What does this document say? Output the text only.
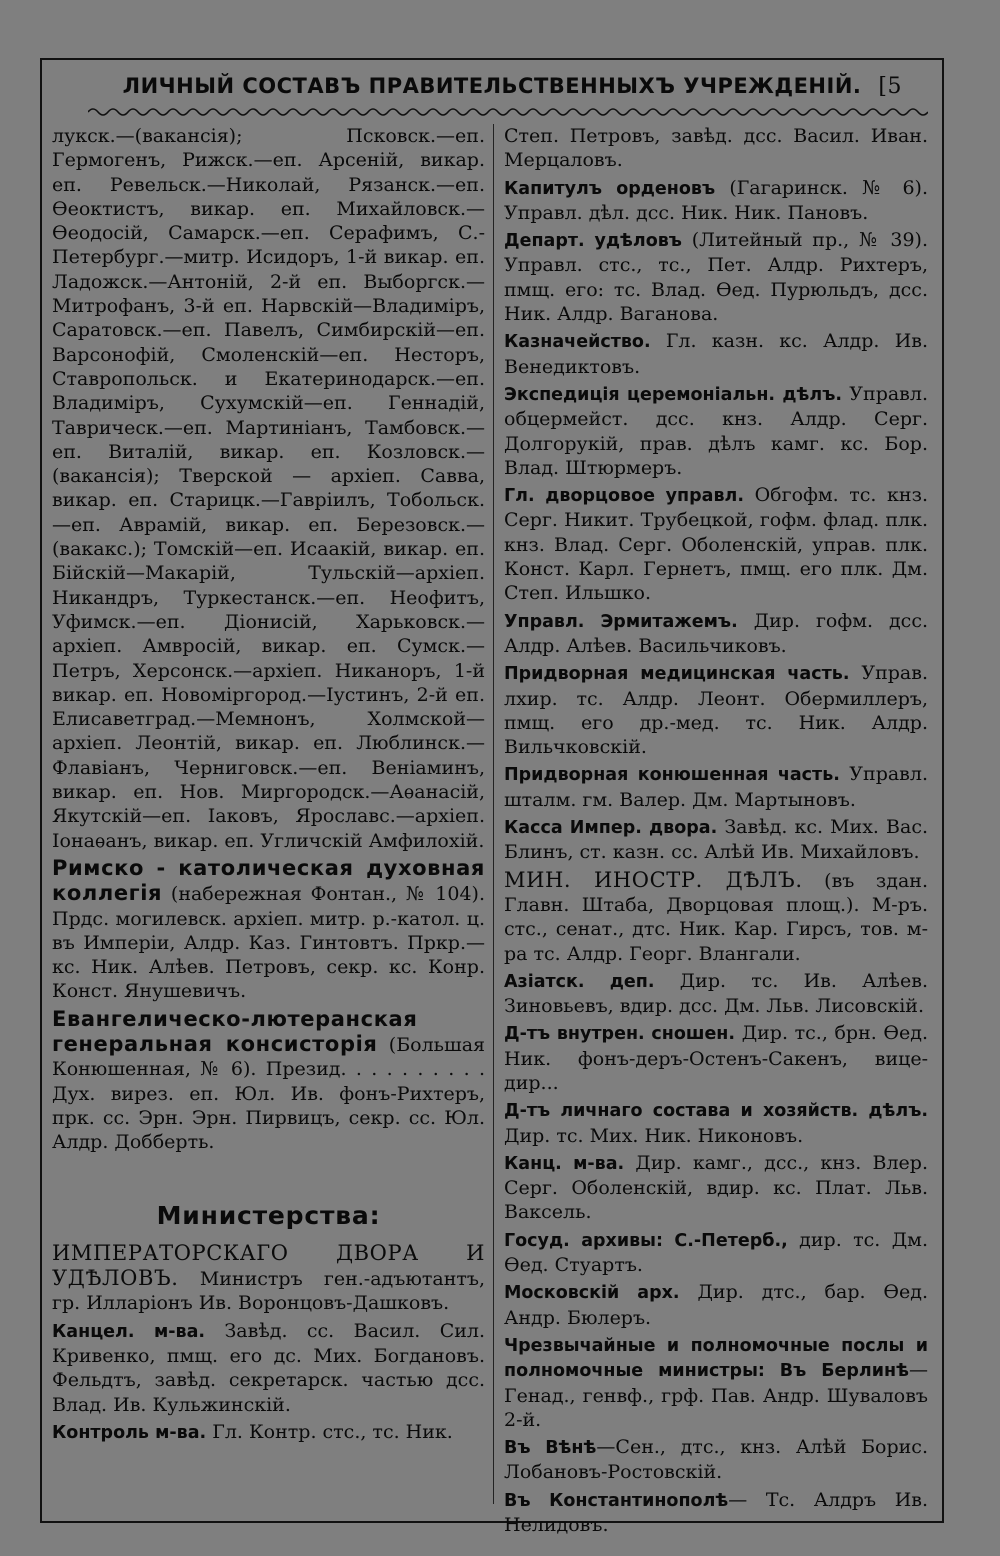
ЛИЧНЫЙ СОСТАВЪ ПРАВИТЕЛЬСТВЕННЫХЪ УЧРЕЖДЕНІЙ. [5

лукск.—(вакансія); Псковск.—еп. Гермогенъ, Рижск.—еп. Арсеній, викар. еп. Ревельск.—Николай, Рязанск.—еп. Ѳеоктистъ, викар. еп. Михайловск.—Ѳеодосій, Самарск.—еп. Серафимъ, С.-Петербург.—митр. Исидоръ, 1-й викар. еп. Ладожск.—Антоній, 2-й еп. Выборгск.—Митрофанъ, 3-й еп. Нарвскій—Владиміръ, Саратовск.—еп. Павелъ, Симбирскій—еп. Варсонофій, Смоленскій—еп. Несторъ, Ставропольск. и Екатеринодарск.—еп. Владиміръ, Сухумскій—еп. Геннадій, Таврическ.—еп. Мартиніанъ, Тамбовск.—еп. Виталій, викар. еп. Козловск.—(вакансія); Тверской — архіеп. Савва, викар. еп. Старицк.—Гавріилъ, Тобольск.—еп. Аврамій, викар. еп. Березовск.—(вакакс.); Томскій—еп. Исаакій, викар. еп. Бійскій—Макарій, Тульскій—архіеп. Никандръ, Туркестанск.—еп. Неофитъ, Уфимск.—еп. Діонисій, Харьковск.—архіеп. Амвросій, викар. еп. Сумск.—Петръ, Херсонск.—архіеп. Никаноръ, 1-й викар. еп. Новоміргород.—Іустинъ, 2-й еп. Елисаветград.—Мемнонъ, Холмской—архіеп. Леонтій, викар. еп. Люблинск.—Флавіанъ, Черниговск.—еп. Веніаминъ, викар. еп. Нов. Миргородск.—Аѳанасій, Якутскій—еп. Іаковъ, Ярославс.—архіеп. Іонаѳанъ, викар. еп. Угличскій Амфилохій.

Римско - католическая духовная коллегія (набережная Фонтан., № 104). Прдс. могилевск. архіеп. митр. р.-катол. ц. въ Имперіи, Алдр. Каз. Гинтовтъ. Пркр.—кс. Ник. Алѣев. Петровъ, секр. кс. Конр. Конст. Янушевичъ.

Евангелическо-лютеранская генеральная консисторія (Большая Конюшенная, № 6). Презид. . . . . . . . . . Дух. вирез. еп. Юл. Ив. фонъ-Рихтеръ, прк. сс. Эрн. Эрн. Пирвицъ, секр. сс. Юл. Алдр. Добберть.

Министерства:

ИМПЕРАТОРСКАГО ДВОРА И УДѢЛОВЪ. Министръ ген.-адъютантъ, гр. Илларіонъ Ив. Воронцовъ-Дашковъ.

Канцел. м-ва. Завѣд. сс. Васил. Сил. Кривенко, пмщ. его дс. Мих. Богдановъ. Фельдтъ, завѣд. секретарск. частью дсс. Влад. Ив. Кульжинскій.

Контроль м-ва. Гл. Контр. стс., тс. Ник.

Степ. Петровъ, завѣд. дсс. Васил. Иван. Мерцаловъ.

Капитулъ орденовъ (Гагаринск. № 6). Управл. дѣл. дсс. Ник. Ник. Пановъ.

Департ. удѣловъ (Литейный пр., № 39). Управл. стс., тс., Пет. Алдр. Рихтеръ, пмщ. его: тс. Влад. Ѳед. Пурюльдъ, дсс. Ник. Алдр. Ваганова.

Казначейство. Гл. казн. кс. Алдр. Ив. Венедиктовъ.

Экспедиція церемоніальн. дѣлъ. Управл. обцермейст. дсс. кнз. Алдр. Серг. Долгорукій, прав. дѣлъ камг. кс. Бор. Влад. Штюрмеръ.

Гл. дворцовое управл. Обгофм. тс. кнз. Серг. Никит. Трубецкой, гофм. флад. плк. кнз. Влад. Серг. Оболенскій, управ. плк. Конст. Карл. Гернетъ, пмщ. его плк. Дм. Степ. Ильшко.

Управл. Эрмитажемъ. Дир. гофм. дсс. Алдр. Алѣев. Васильчиковъ.

Придворная медицинская часть. Управ. лхир. тс. Алдр. Леонт. Обермиллеръ, пмщ. его др.-мед. тс. Ник. Алдр. Вильчковскій.

Придворная конюшенная часть. Управл. шталм. гм. Валер. Дм. Мартыновъ.

Касса Импер. двора. Завѣд. кс. Мих. Вас. Блинъ, ст. казн. сс. Алѣй Ив. Михайловъ.

МИН. ИНОСТР. ДѢЛЪ. (въ здан. Главн. Штаба, Дворцовая площ.). М-ръ. стс., сенат., дтс. Ник. Кар. Гирсъ, тов. м-ра тс. Алдр. Георг. Влангали.

Азіатск. деп. Дир. тс. Ив. Алѣев. Зиновьевъ, вдир. дсс. Дм. Льв. Лисовскій.

Д-тъ внутрен. сношен. Дир. тс., брн. Ѳед. Ник. фонъ-деръ-Остенъ-Сакенъ, вице-дир...

Д-тъ личнаго состава и хозяйств. дѣлъ. Дир. тс. Мих. Ник. Никоновъ.

Канц. м-ва. Дир. камг., дсс., кнз. Влер. Серг. Оболенскій, вдир. кс. Плат. Льв. Ваксель.

Госуд. архивы: С.-Петерб., дир. тс. Дм. Ѳед. Стуартъ.

Московскій арх. Дир. дтс., бар. Ѳед. Андр. Бюлеръ.

Чрезвычайные и полномочные послы и полномочные министры: Въ Берлинѣ—Генад., генвф., грф. Пав. Андр. Шуваловъ 2-й.

Въ Вѣнѣ—Сен., дтс., кнз. Алѣй Борис. Лобановъ-Ростовскій.

Въ Константинополѣ— Тс. Алдръ Ив. Нелидовъ.
